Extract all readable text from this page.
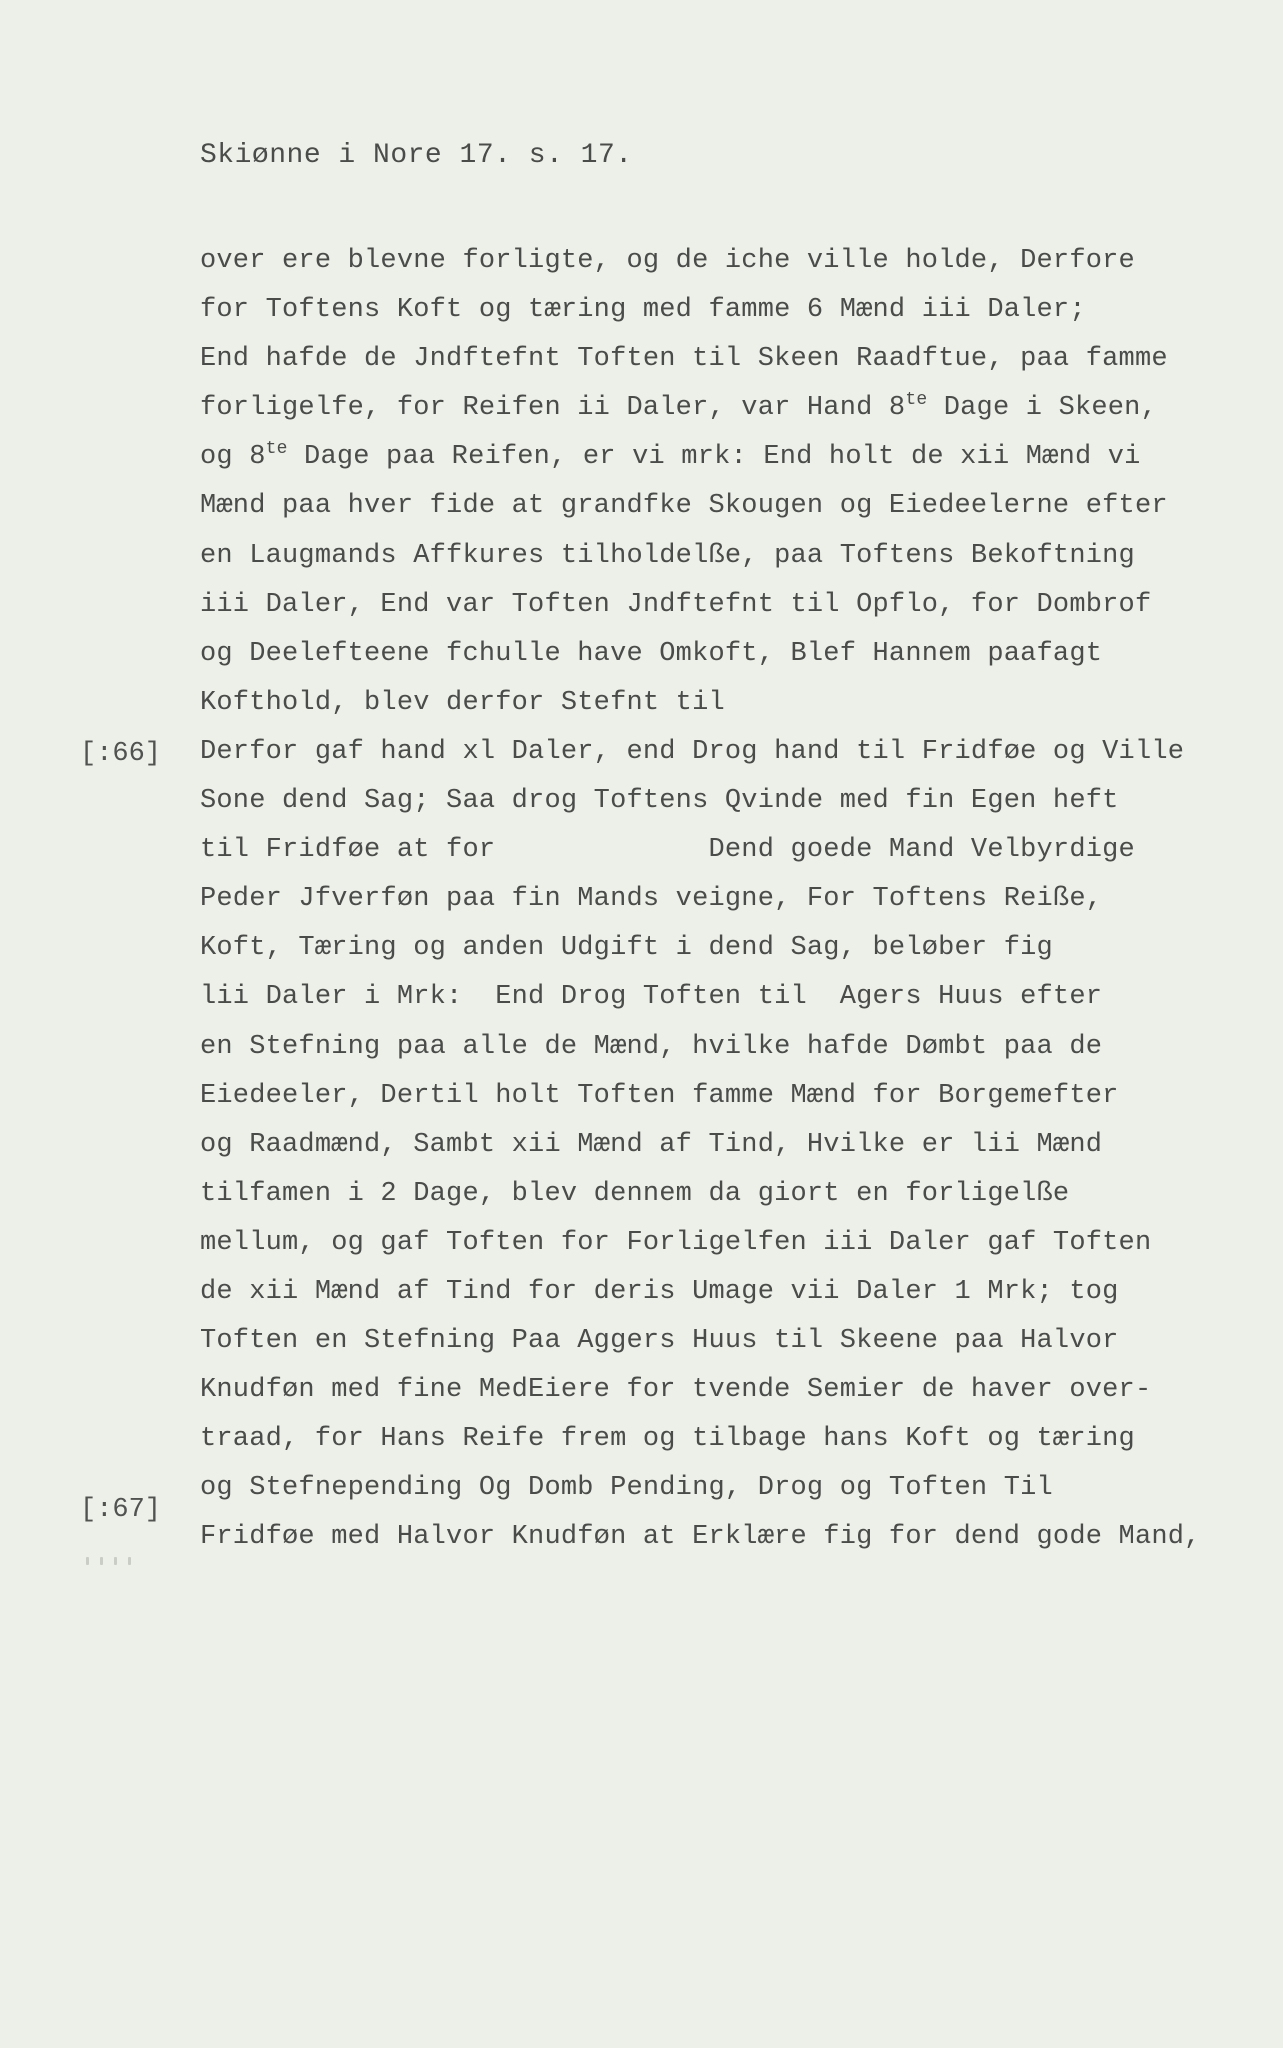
Skiønne i Nore 17. s. 17.
[:66]
[:67]
over ere blevne forligte, og de iche ville holde, Derfore
for Toftens Koft og tæring med famme 6 Mænd iii Daler;
End hafde de Jndftefnt Toften til Skeen Raadftue, paa famme
forligelfe, for Reifen ii Daler, var Hand $8^{te}$ Dage i Skeen,
og $8^{te}$ Dage paa Reifen, er vi mrk: End holt de xii Mænd vi
Mænd paa hver fide at grandfke Skougen og Eiedeelerne efter
en Laugmands Affkures tilholdelße, paa Toftens Bekoftning
iii Daler, End var Toften Jndftefnt til Opflo, for Dombrof
og Deelefteene fchulle have Omkoft, Blef Hannem paafagt
Kofthold, blev derfor Stefnt til
Derfor gaf hand xl Daler, end Drog hand til Fridføe og Ville
Sone dend Sag; Saa drog Toftens Qvinde med fin Egen heft
til Fridføe at for             Dend goede Mand Velbyrdige
Peder Jfverføn paa fin Mands veigne, For Toftens Reiße,
Koft, Tæring og anden Udgift i dend Sag, beløber fig
lii Daler i Mrk:  End Drog Toften til  Agers Huus efter
en Stefning paa alle de Mænd, hvilke hafde Dømbt paa de
Eiedeeler, Dertil holt Toften famme Mænd for Borgemefter
og Raadmænd, Sambt xii Mænd af Tind, Hvilke er lii Mænd
tilfamen i 2 Dage, blev dennem da giort en forligelße
mellum, og gaf Toften for Forligelfen iii Daler gaf Toften
de xii Mænd af Tind for deris Umage vii Daler 1 Mrk; tog
Toften en Stefning Paa Aggers Huus til Skeene paa Halvor
Knudføn med fine MedEiere for tvende Semier de haver over-
traad, for Hans Reife frem og tilbage hans Koft og tæring
og Stefnepending Og Domb Pending, Drog og Toften Til
Fridføe med Halvor Knudføn at Erklære fig for dend gode Mand,
